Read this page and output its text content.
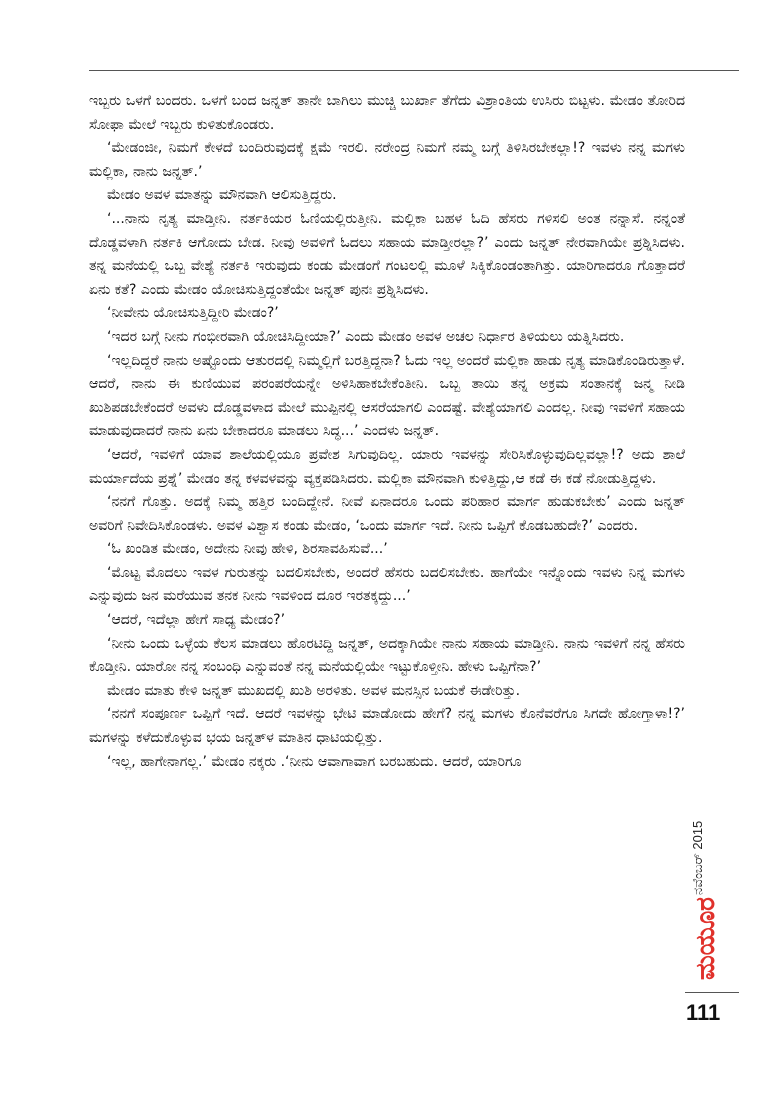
ಇಬ್ಬರು ಒಳಗೆ ಬಂದರು. ಒಳಗೆ ಬಂದ ಜನ್ನತ್ ತಾನೇ ಬಾಗಿಲು ಮುಚ್ಚಿ ಬುರ್ಖಾ ತೆಗೆದು ವಿಶ್ರಾಂತಿಯ ಉಸಿರು ಬಿಟ್ಟಳು. ಮೇಡಂ ತೋರಿದ ಸೋಫಾ ಮೇಲೆ ಇಬ್ಬರು ಕುಳಿತುಕೊಂಡರು.

‘ಮೇಡಂಜೀ, ನಿಮಗೆ ಕೇಳದೆ ಬಂದಿರುವುದಕ್ಕೆ ಕ್ಷಮೆ ಇರಲಿ. ನರೇಂದ್ರ ನಿಮಗೆ ನಮ್ಮ ಬಗ್ಗೆ ತಿಳಿಸಿರಬೇಕಲ್ಲಾ!? ಇವಳು ನನ್ನ ಮಗಳು ಮಲ್ಲಿಕಾ, ನಾನು ಜನ್ನತ್.’

ಮೇಡಂ ಅವಳ ಮಾತನ್ನು ಮೌನವಾಗಿ ಆಲಿಸುತ್ತಿದ್ದರು.

‘...ನಾನು ನೃತ್ಯ ಮಾಡ್ತೀನಿ. ನರ್ತಕಿಯರ ಓಣಿಯಲ್ಲಿರುತ್ತೀನಿ. ಮಲ್ಲಿಕಾ ಬಹಳ ಓದಿ ಹೆಸರು ಗಳಿಸಲಿ ಅಂತ ನನ್ನಾಸೆ. ನನ್ನಂತೆ ದೊಡ್ಡವಳಾಗಿ ನರ್ತಕಿ ಆಗೋದು ಬೇಡ. ನೀವು ಅವಳಿಗೆ ಓದಲು ಸಹಾಯ ಮಾಡ್ತೀರಲ್ಲಾ?’ ಎಂದು ಜನ್ನತ್ ನೇರವಾಗಿಯೇ ಪ್ರಶ್ನಿಸಿದಳು. ತನ್ನ ಮನೆಯಲ್ಲಿ ಒಬ್ಬ ವೇಶ್ಯೆ ನರ್ತಕಿ ಇರುವುದು ಕಂಡು ಮೇಡಂಗೆ ಗಂಟಲಲ್ಲಿ ಮೂಳೆ ಸಿಕ್ಕಿಕೊಂಡಂತಾಗಿತ್ತು. ಯಾರಿಗಾದರೂ ಗೊತ್ತಾದರೆ ಏನು ಕತೆ? ಎಂದು ಮೇಡಂ ಯೋಚಿಸುತ್ತಿದ್ದಂತೆಯೇ ಜನ್ನತ್ ಪುನಃ ಪ್ರಶ್ನಿಸಿದಳು.

‘ನೀವೇನು ಯೋಚಿಸುತ್ತಿದ್ದೀರಿ ಮೇಡಂ?’

‘ಇದರ ಬಗ್ಗೆ ನೀನು ಗಂಭೀರವಾಗಿ ಯೋಚಿಸಿದ್ದೀಯಾ?’ ಎಂದು ಮೇಡಂ ಅವಳ ಅಚಲ ನಿರ್ಧಾರ ತಿಳಿಯಲು ಯತ್ನಿಸಿದರು.

‘ಇಲ್ಲದಿದ್ದರೆ ನಾನು ಅಷ್ಟೊಂದು ಆತುರದಲ್ಲಿ ನಿಮ್ಮಲ್ಲಿಗೆ ಬರತ್ತಿದ್ದನಾ? ಓದು ಇಲ್ಲ ಅಂದರೆ ಮಲ್ಲಿಕಾ ಹಾಡು ನೃತ್ಯ ಮಾಡಿಕೊಂಡಿರುತ್ತಾಳೆ. ಆದರೆ, ನಾನು ಈ ಕುಣಿಯುವ ಪರಂಪರೆಯನ್ನೇ ಅಳಿಸಿಹಾಕಬೇಕೆಂತೀನಿ. ಒಬ್ಬ ತಾಯಿ ತನ್ನ ಅಕ್ರಮ ಸಂತಾನಕ್ಕೆ ಜನ್ಮ ನೀಡಿ ಖುಶಿಪಡಬೇಕೆಂದರೆ ಅವಳು ದೊಡ್ಡವಳಾದ ಮೇಲೆ ಮುಪ್ಪಿನಲ್ಲಿ ಆಸರೆಯಾಗಲಿ ಎಂದಷ್ಟೆ. ವೇಶ್ಯೆಯಾಗಲಿ ಎಂದಲ್ಲ. ನೀವು ಇವಳಿಗೆ ಸಹಾಯ ಮಾಡುವುದಾದರೆ ನಾನು ಏನು ಬೇಕಾದರೂ ಮಾಡಲು ಸಿದ್ಧ...’ ಎಂದಳು ಜನ್ನತ್.

‘ಆದರೆ, ಇವಳಿಗೆ ಯಾವ ಶಾಲೆಯಲ್ಲಿಯೂ ಪ್ರವೇಶ ಸಿಗುವುದಿಲ್ಲ. ಯಾರು ಇವಳನ್ನು ಸೇರಿಸಿಕೊಳ್ಳುವುದಿಲ್ಲವಲ್ಲಾ!? ಅದು ಶಾಲೆ ಮರ್ಯಾದೆಯ ಪ್ರಶ್ನೆ’ ಮೇಡಂ ತನ್ನ ಕಳವಳವನ್ನು ವ್ಯಕ್ತಪಡಿಸಿದರು. ಮಲ್ಲಿಕಾ ಮೌನವಾಗಿ ಕುಳಿತ್ತಿದ್ದು,ಆ ಕಡೆ ಈ ಕಡೆ ನೋಡುತ್ತಿದ್ದಳು.

‘ನನಗೆ ಗೊತ್ತು. ಅದಕ್ಕೆ ನಿಮ್ಮ ಹತ್ತಿರ ಬಂದಿದ್ದೇನೆ. ನೀವೆ ಏನಾದರೂ ಒಂದು ಪರಿಹಾರ ಮಾರ್ಗ ಹುಡುಕಬೇಕು’ ಎಂದು ಜನ್ನತ್ ಅವರಿಗೆ ನಿವೇದಿಸಿಕೊಂಡಳು. ಅವಳ ವಿಶ್ವಾಸ ಕಂಡು ಮೇಡಂ, ‘ಒಂದು ಮಾರ್ಗ ಇದೆ. ನೀನು ಒಪ್ಪಿಗೆ ಕೊಡಬಹುದೇ?’ ಎಂದರು.

‘ಓ ಖಂಡಿತ ಮೇಡಂ, ಅದೇನು ನೀವು ಹೇಳಿ, ಶಿರಸಾವಹಿಸುವೆ...’

‘ಮೊಟ್ಟ ಮೊದಲು ಇವಳ ಗುರುತನ್ನು ಬದಲಿಸಬೇಕು, ಅಂದರೆ ಹೆಸರು ಬದಲಿಸಬೇಕು. ಹಾಗೆಯೇ ಇನ್ನೊಂದು ಇವಳು ನಿನ್ನ ಮಗಳು ಎನ್ನುವುದು ಜನ ಮರೆಯುವ ತನಕ ನೀನು ಇವಳಿಂದ ದೂರ ಇರತಕ್ಕದ್ದು...’

‘ಆದರೆ, ಇದೆಲ್ಲಾ ಹೇಗೆ ಸಾಧ್ಯ ಮೇಡಂ?’

‘ನೀನು ಒಂದು ಒಳ್ಳೆಯ ಕೆಲಸ ಮಾಡಲು ಹೊರಟಿದ್ದಿ ಜನ್ನತ್, ಅದಕ್ಕಾಗಿಯೇ ನಾನು ಸಹಾಯ ಮಾಡ್ತೀನಿ. ನಾನು ಇವಳಿಗೆ ನನ್ನ ಹೆಸರು ಕೊಡ್ತೀನಿ. ಯಾರೋ ನನ್ನ ಸಂಬಂಧಿ ಎನ್ನುವಂತೆ ನನ್ನ ಮನೆಯಲ್ಲಿಯೇ ಇಟ್ಟುಕೊಳ್ತೀನಿ. ಹೇಳು ಒಪ್ಪಿಗೆನಾ?’

ಮೇಡಂ ಮಾತು ಕೇಳಿ ಜನ್ನತ್ ಮುಖದಲ್ಲಿ ಖುಶಿ ಅರಳಿತು. ಅವಳ ಮನಸ್ಸಿನ ಬಯಕೆ ಈಡೇರಿತ್ತು.

‘ನನಗೆ ಸಂಪೂರ್ಣ ಒಪ್ಪಿಗೆ ಇದೆ. ಆದರೆ ಇವಳನ್ನು ಭೇಟಿ ಮಾಡೋದು ಹೇಗೆ? ನನ್ನ ಮಗಳು ಕೊನೆವರೆಗೂ ಸಿಗದೇ ಹೋಗ್ತಾಳಾ!?’ ಮಗಳನ್ನು ಕಳೆದುಕೊಳ್ಳುವ ಭಯ ಜನ್ನತ್‌ಳ ಮಾತಿನ ಧಾಟಿಯಲ್ಲಿತ್ತು.

‘ಇಲ್ಲ, ಹಾಗೇನಾಗಲ್ಲ.’ ಮೇಡಂ ನಕ್ಕರು .‘ನೀನು ಆವಾಗಾವಾಗ ಬರಬಹುದು. ಆದರೆ, ಯಾರಿಗೂ

ನವೆಂಬರ್ 2015
ಮಯೂರ
111
